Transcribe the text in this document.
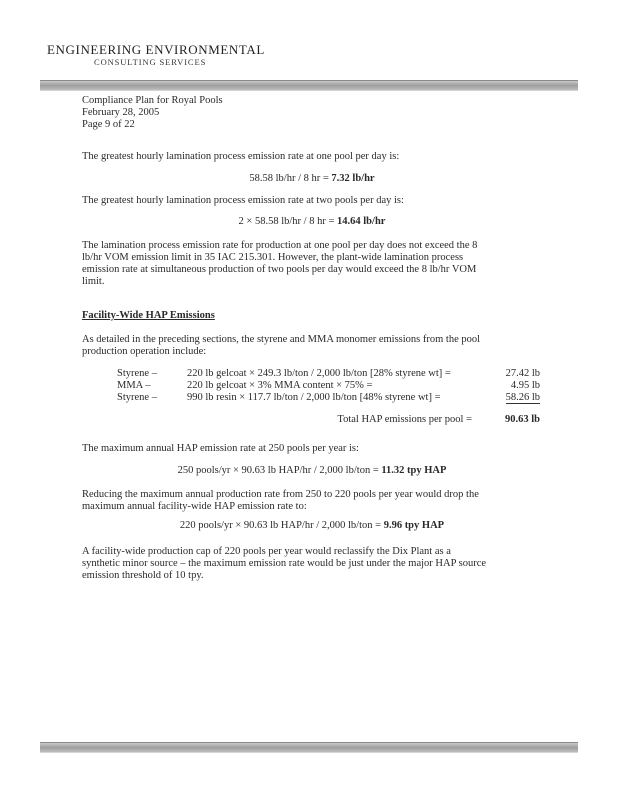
ENGINEERING ENVIRONMENTAL
CONSULTING SERVICES
Compliance Plan for Royal Pools
February 28, 2005
Page 9 of 22
The greatest hourly lamination process emission rate at one pool per day is:
58.58 lb/hr / 8 hr = 7.32 lb/hr
The greatest hourly lamination process emission rate at two pools per day is:
2 × 58.58 lb/hr / 8 hr = 14.64 lb/hr
The lamination process emission rate for production at one pool per day does not exceed the 8
lb/hr VOM emission limit in 35 IAC 215.301. However, the plant-wide lamination process
emission rate at simultaneous production of two pools per day would exceed the 8 lb/hr VOM
limit.
Facility-Wide HAP Emissions
As detailed in the preceding sections, the styrene and MMA monomer emissions from the pool
production operation include:
Styrene –	220 lb gelcoat × 249.3 lb/ton / 2,000 lb/ton [28% styrene wt] =	27.42 lb
MMA –	220 lb gelcoat × 3% MMA content × 75% =	4.95 lb
Styrene –	990 lb resin × 117.7 lb/ton / 2,000 lb/ton [48% styrene wt] =	58.26 lb
Total HAP emissions per pool =	90.63 lb
The maximum annual HAP emission rate at 250 pools per year is:
250 pools/yr × 90.63 lb HAP/hr / 2,000 lb/ton = 11.32 tpy HAP
Reducing the maximum annual production rate from 250 to 220 pools per year would drop the
maximum annual facility-wide HAP emission rate to:
220 pools/yr × 90.63 lb HAP/hr / 2,000 lb/ton = 9.96 tpy HAP
A facility-wide production cap of 220 pools per year would reclassify the Dix Plant as a
synthetic minor source – the maximum emission rate would be just under the major HAP source
emission threshold of 10 tpy.
